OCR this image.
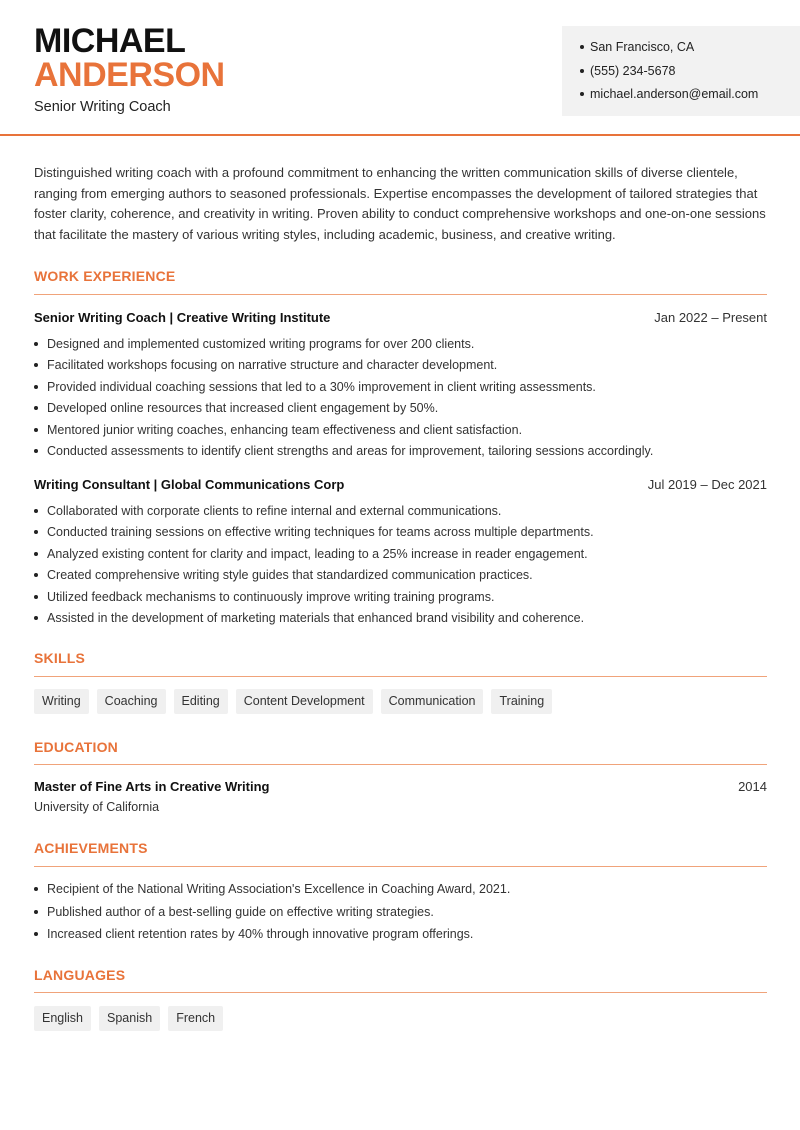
MICHAEL
ANDERSON
Senior Writing Coach
San Francisco, CA
(555) 234-5678
michael.anderson@email.com

Distinguished writing coach with a profound commitment to enhancing the written communication skills of diverse clientele, ranging from emerging authors to seasoned professionals. Expertise encompasses the development of tailored strategies that foster clarity, coherence, and creativity in writing. Proven ability to conduct comprehensive workshops and one-on-one sessions that facilitate the mastery of various writing styles, including academic, business, and creative writing.

WORK EXPERIENCE
Senior Writing Coach | Creative Writing Institute	Jan 2022 – Present
Designed and implemented customized writing programs for over 200 clients.
Facilitated workshops focusing on narrative structure and character development.
Provided individual coaching sessions that led to a 30% improvement in client writing assessments.
Developed online resources that increased client engagement by 50%.
Mentored junior writing coaches, enhancing team effectiveness and client satisfaction.
Conducted assessments to identify client strengths and areas for improvement, tailoring sessions accordingly.
Writing Consultant | Global Communications Corp	Jul 2019 – Dec 2021
Collaborated with corporate clients to refine internal and external communications.
Conducted training sessions on effective writing techniques for teams across multiple departments.
Analyzed existing content for clarity and impact, leading to a 25% increase in reader engagement.
Created comprehensive writing style guides that standardized communication practices.
Utilized feedback mechanisms to continuously improve writing training programs.
Assisted in the development of marketing materials that enhanced brand visibility and coherence.
SKILLS
Writing	Coaching	Editing	Content Development	Communication	Training
EDUCATION
Master of Fine Arts in Creative Writing	2014
University of California
ACHIEVEMENTS
Recipient of the National Writing Association's Excellence in Coaching Award, 2021.
Published author of a best-selling guide on effective writing strategies.
Increased client retention rates by 40% through innovative program offerings.
LANGUAGES
English	Spanish	French
